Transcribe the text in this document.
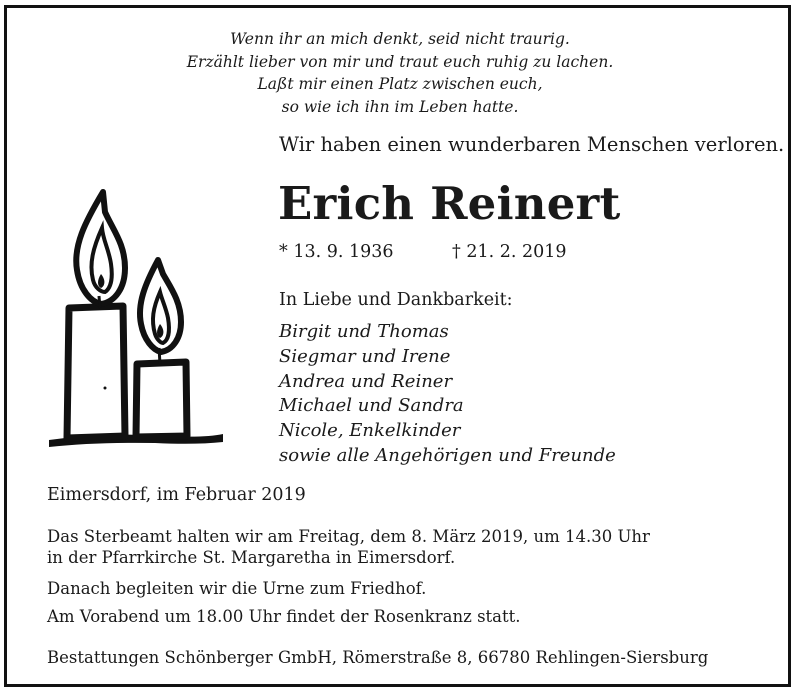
Wenn ihr an mich denkt, seid nicht traurig.
Erzählt lieber von mir und traut euch ruhig zu lachen.
Laßt mir einen Platz zwischen euch,
so wie ich ihn im Leben hatte.
Wir haben einen wunderbaren Menschen verloren.
Erich Reinert
* 13. 9. 1936	† 21. 2. 2019
In Liebe und Dankbarkeit:
Birgit und Thomas
Siegmar und Irene
Andrea und Reiner
Michael und Sandra
Nicole, Enkelkinder
sowie alle Angehörigen und Freunde
Eimersdorf, im Februar 2019
Das Sterbeamt halten wir am Freitag, dem 8. März 2019, um 14.30 Uhr
in der Pfarrkirche St. Margaretha in Eimersdorf.
Danach begleiten wir die Urne zum Friedhof.
Am Vorabend um 18.00 Uhr findet der Rosenkranz statt.
Bestattungen Schönberger GmbH, Römerstraße 8, 66780 Rehlingen-Siersburg
